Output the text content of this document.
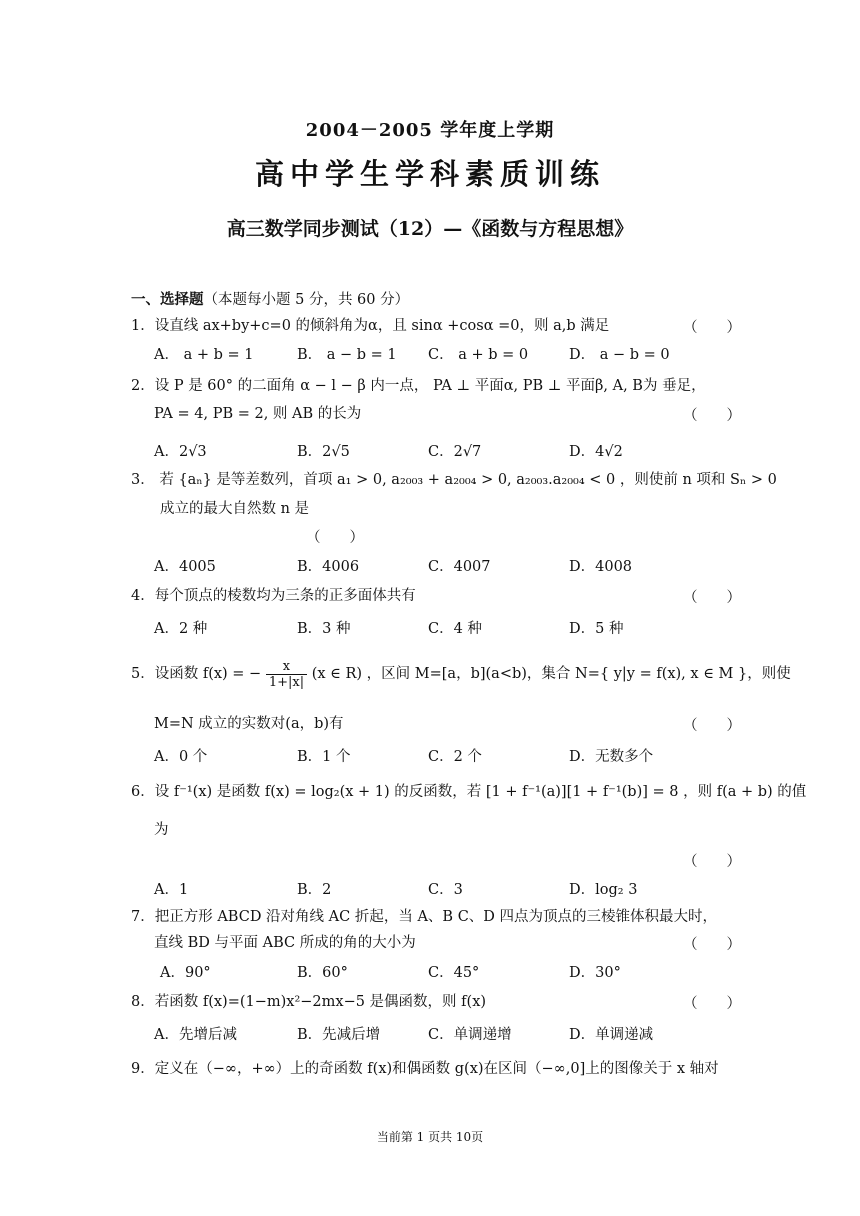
2004－2005 学年度上学期
高中学生学科素质训练
高三数学同步测试（12）—《函数与方程思想》
一、选择题（本题每小题 5 分，共 60 分）
1．设直线 ax+by+c=0 的倾斜角为α，且 sinα +cosα =0，则 a,b 满足	（　　）
A． a + b = 1	B． a − b = 1 C． a + b = 0	D． a − b = 0
2．设 P 是 60° 的二面角 α − l − β 内一点， PA ⊥ 平面α, PB ⊥ 平面β, A, B为 垂足，
PA = 4, PB = 2, 则 AB 的长为	（　　）
A．2√3	B．2√5	C．2√7	D．4√2
3． 若 {aₙ} 是等差数列，首项 a₁ > 0, a₂₀₀₃ + a₂₀₀₄ > 0, a₂₀₀₃.a₂₀₀₄ < 0 ，则使前 n 项和 Sₙ > 0
成立的最大自然数 n 是
（　　）
A．4005	B．4006	C．4007	D．4008
4．每个顶点的棱数均为三条的正多面体共有	（　　）
A．2 种	B．3 种	C．4 种	D．5 种
5．设函数 f(x) = − $\frac{x}{1+|x|} (x$ ∈ R) ，区间 M=[a，b](a<b)，集合 N={ y|y = f(x), x ∈ M }，则使
M=N 成立的实数对(a，b)有	（　　）
A．0 个	B．1 个	C．2 个	D．无数多个
6．设 f⁻¹(x) 是函数 f(x) = log₂(x + 1) 的反函数，若 [1 + f⁻¹(a)][1 + f⁻¹(b)] = 8 ，则 f(a + b) 的值
为
（　　）
A．1	B．2	C．3	D．log₂ 3
7．把正方形 ABCD 沿对角线 AC 折起，当 A、B C、D 四点为顶点的三棱锥体积最大时，
直线 BD 与平面 ABC 所成的角的大小为	（　　）
A．90°	B．60°	C．45°	D．30°
8．若函数 f(x)=(1−m)x²−2mx−5 是偶函数，则 f(x)	（　　）
A．先增后减	B．先减后增	C．单调递增	D．单调递减
9．定义在（−∞，+∞）上的奇函数 f(x)和偶函数 g(x)在区间（−∞,0]上的图像关于 x 轴对
当前第 1 页共 10页
